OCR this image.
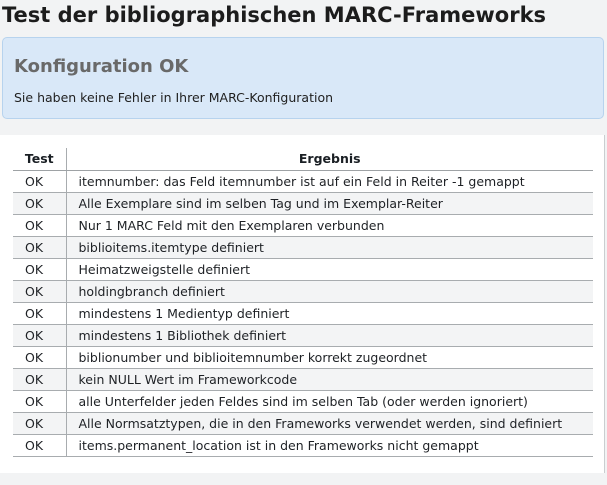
Test der bibliographischen MARC-Frameworks
Konfiguration OK

Sie haben keine Fehler in Ihrer MARC-Konfiguration

Test	Ergebnis
OK	itemnumber: das Feld itemnumber ist auf ein Feld in Reiter -1 gemappt
OK	Alle Exemplare sind im selben Tag und im Exemplar-Reiter
OK	Nur 1 MARC Feld mit den Exemplaren verbunden
OK	biblioitems.itemtype definiert
OK	Heimatzweigstelle definiert
OK	holdingbranch definiert
OK	mindestens 1 Medientyp definiert
OK	mindestens 1 Bibliothek definiert
OK	biblionumber und biblioitemnumber korrekt zugeordnet
OK	kein NULL Wert im Frameworkcode
OK	alle Unterfelder jeden Feldes sind im selben Tab (oder werden ignoriert)
OK	Alle Normsatztypen, die in den Frameworks verwendet werden, sind definiert
OK	items.permanent_location ist in den Frameworks nicht gemappt
